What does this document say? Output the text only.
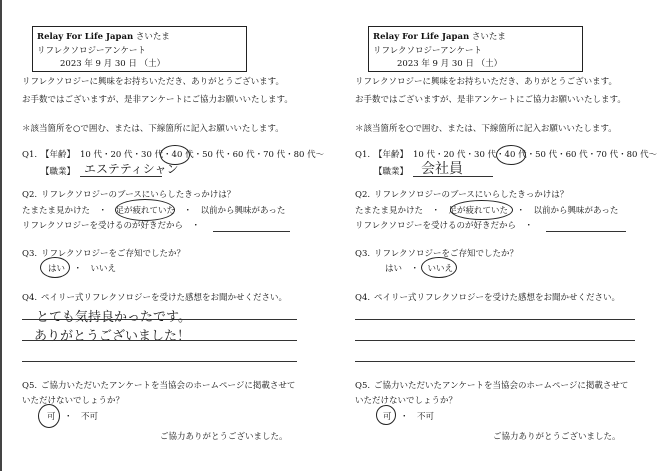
Relay For Life Japan さいたま
リフレクソロジーアンケート
2023 年 9 月 30 日 （土）
リフレクソロジーに興味をお持ちいただき、ありがとうございます。
お手数ではございますが、是非アンケートにご協力お願いいたします。
＊該当箇所を○で囲む、または、下線箇所に記入お願いいたします。
Q1. 【年齢】 10 代・20 代・30 代・40 代・50 代・60 代・70 代・80 代～
【職業】 エステティシャン
Q2. リフレクソロジーのブースにいらしたきっかけは？
たまたま見かけた　・　足が疲れていた　・　以前から興味があった
リフレクソロジーを受けるのが好きだから　・
Q3. リフレクソロジーをご存知でしたか？
はい　・　いいえ
Q4. ペイリー式リフレクソロジーを受けた感想をお聞かせください。
とても気持良かったです。
ありがとうございました！
Q5. ご協力いただいたアンケートを当協会のホームページに掲載させて
いただけないでしょうか？
可　・　不可
ご協力ありがとうございました。
Relay For Life Japan さいたま
リフレクソロジーアンケート
2023 年 9 月 30 日 （土）
リフレクソロジーに興味をお持ちいただき、ありがとうございます。
お手数ではございますが、是非アンケートにご協力お願いいたします。
＊該当箇所を○で囲む、または、下線箇所に記入お願いいたします。
Q1. 【年齢】 10 代・20 代・30 代・40 代・50 代・60 代・70 代・80 代～
【職業】 会社員
Q2. リフレクソロジーのブースにいらしたきっかけは？
たまたま見かけた　・　足が疲れていた　・　以前から興味があった
リフレクソロジーを受けるのが好きだから　・
Q3. リフレクソロジーをご存知でしたか？
はい　・　いいえ
Q4. ペイリー式リフレクソロジーを受けた感想をお聞かせください。
Q5. ご協力いただいたアンケートを当協会のホームページに掲載させて
いただけないでしょうか？
可　・　不可
ご協力ありがとうございました。
